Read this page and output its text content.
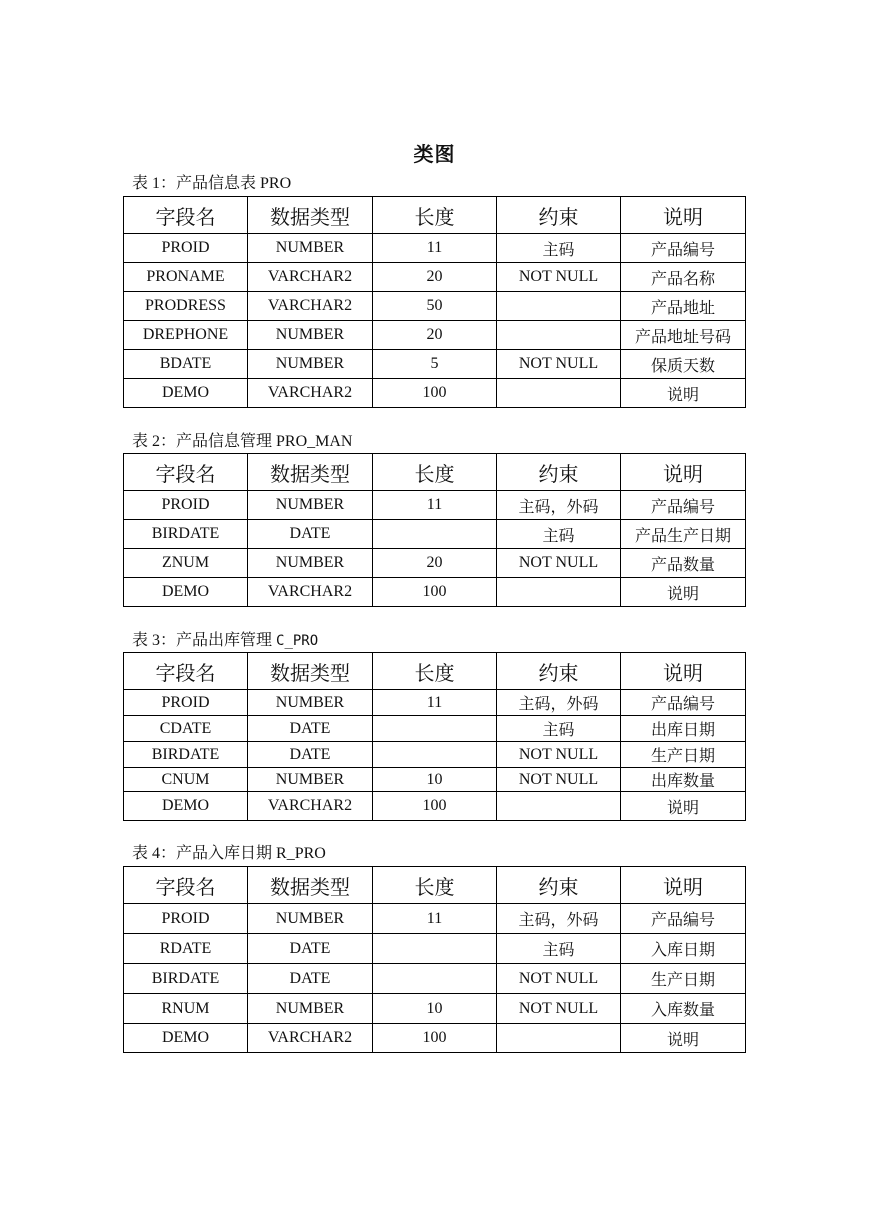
类图
表 1：产品信息表 PRO
字段名	数据类型	长度	约束	说明
PROID	NUMBER	11	主码	产品编号
PRONAME	VARCHAR2	20	NOT NULL	产品名称
PRODRESS	VARCHAR2	50		产品地址
DREPHONE	NUMBER	20		产品地址号码
BDATE	NUMBER	5	NOT NULL	保质天数
DEMO	VARCHAR2	100		说明
表 2：产品信息管理 PRO_MAN
字段名	数据类型	长度	约束	说明
PROID	NUMBER	11	主码，外码	产品编号
BIRDATE	DATE		主码	产品生产日期
ZNUM	NUMBER	20	NOT NULL	产品数量
DEMO	VARCHAR2	100		说明
表 3：产品出库管理 C_PRO
字段名	数据类型	长度	约束	说明
PROID	NUMBER	11	主码，外码	产品编号
CDATE	DATE		主码	出库日期
BIRDATE	DATE		NOT NULL	生产日期
CNUM	NUMBER	10	NOT NULL	出库数量
DEMO	VARCHAR2	100		说明
表 4：产品入库日期 R_PRO
字段名	数据类型	长度	约束	说明
PROID	NUMBER	11	主码，外码	产品编号
RDATE	DATE		主码	入库日期
BIRDATE	DATE		NOT NULL	生产日期
RNUM	NUMBER	10	NOT NULL	入库数量
DEMO	VARCHAR2	100		说明
